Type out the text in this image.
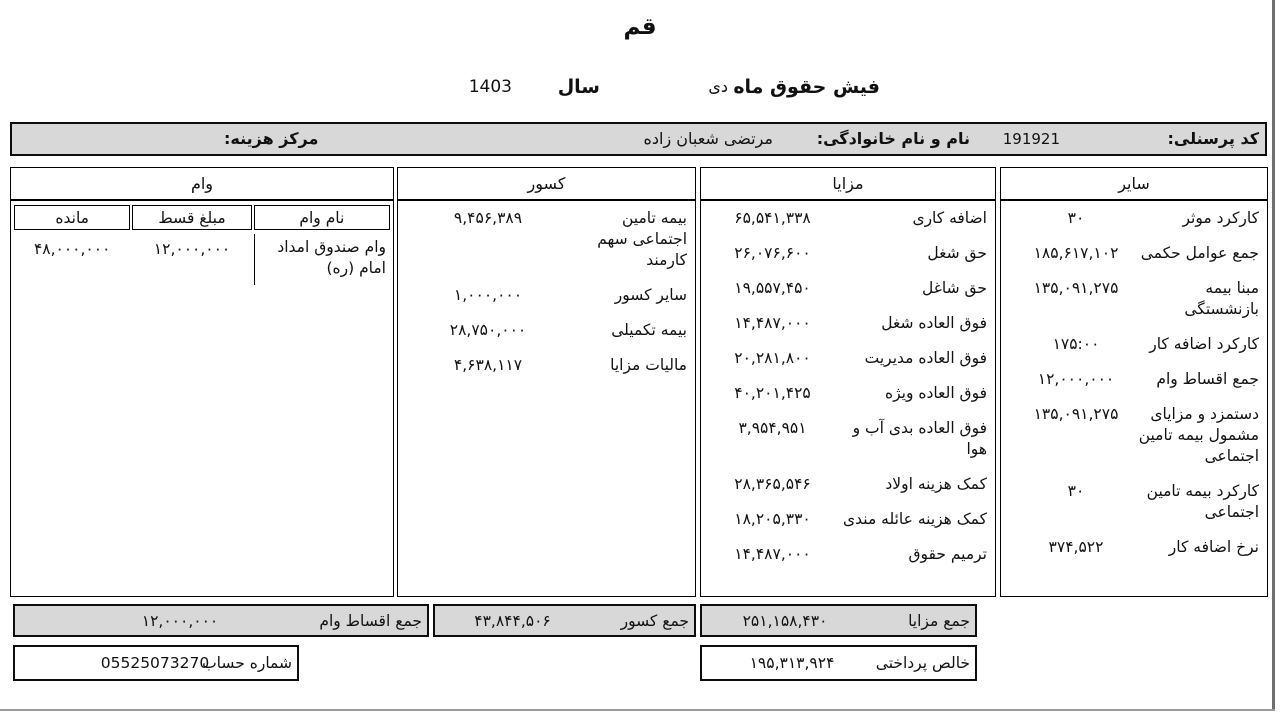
قم
فیش حقوق ماه
دی
سال
1403
کد پرسنلی:
191921
نام و نام خانوادگی:
مرتضی شعبان زاده
مرکز هزینه:
سایر
کارکرد موثر
۳۰
جمع عوامل حکمی
۱۸۵,۶۱۷,۱۰۲
مبنا بیمه بازنشستگی
۱۳۵,۰۹۱,۲۷۵
کارکرد اضافه کار
۱۷۵:۰۰
جمع اقساط وام
۱۲,۰۰۰,۰۰۰
دستمزد و مزایای مشمول بیمه تامین اجتماعی
۱۳۵,۰۹۱,۲۷۵
کارکرد بیمه تامین اجتماعی
۳۰
نرخ اضافه کار
۳۷۴,۵۲۲
مزایا
اضافه کاری
۶۵,۵۴۱,۳۳۸
حق شغل
۲۶,۰۷۶,۶۰۰
حق شاغل
۱۹,۵۵۷,۴۵۰
فوق العاده شغل
۱۴,۴۸۷,۰۰۰
فوق العاده مدیریت
۲۰,۲۸۱,۸۰۰
فوق العاده ویژه
۴۰,۲۰۱,۴۲۵
فوق العاده بدی آب و هوا
۳,۹۵۴,۹۵۱
کمک هزینه اولاد
۲۸,۳۶۵,۵۴۶
کمک هزینه عائله مندی
۱۸,۲۰۵,۳۳۰
ترمیم حقوق
۱۴,۴۸۷,۰۰۰
کسور
بیمه تامین اجتماعی سهم کارمند
۹,۴۵۶,۳۸۹
سایر کسور
۱,۰۰۰,۰۰۰
بیمه تکمیلی
۲۸,۷۵۰,۰۰۰
مالیات مزایا
۴,۶۳۸,۱۱۷
وام
نام وام
مبلغ قسط
مانده
وام صندوق امداد امام (ره)
۱۲,۰۰۰,۰۰۰
۴۸,۰۰۰,۰۰۰
جمع مزایا
۲۵۱,۱۵۸,۴۳۰
جمع کسور
۴۳,۸۴۴,۵۰۶
جمع اقساط وام
۱۲,۰۰۰,۰۰۰
خالص پرداختی
۱۹۵,۳۱۳,۹۲۴
شماره حساب
05525073270
